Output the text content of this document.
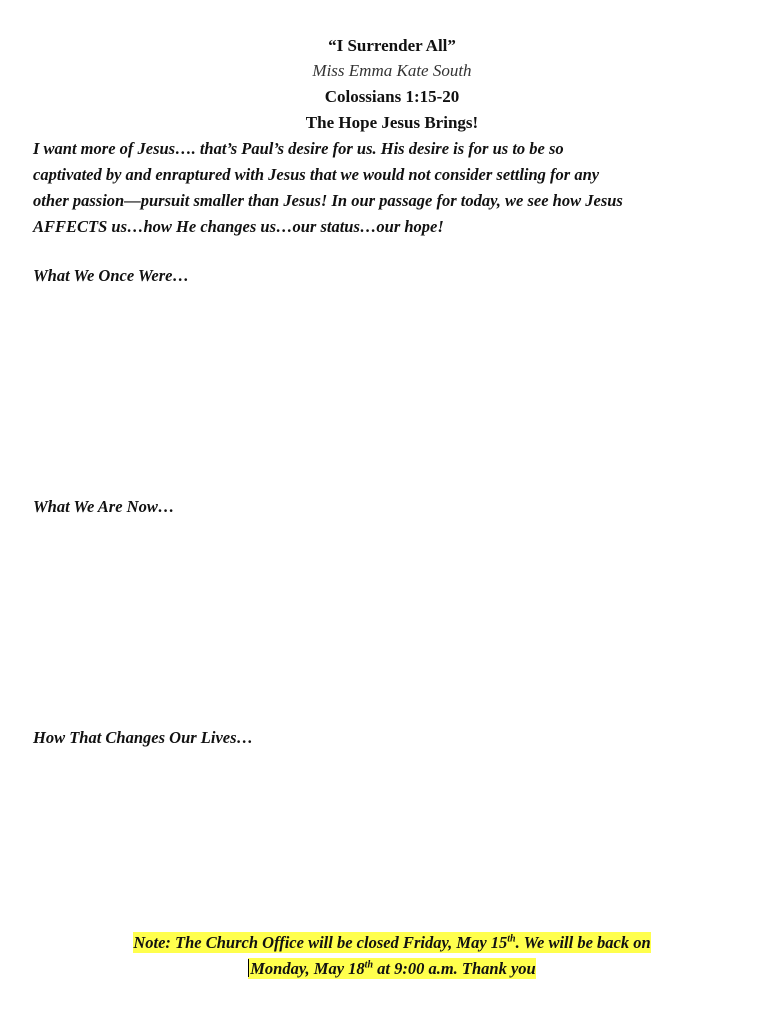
“I Surrender All”
Miss Emma Kate South
Colossians 1:15-20
The Hope Jesus Brings!
I want more of Jesus…. that’s Paul’s desire for us. His desire is for us to be so
captivated by and enraptured with Jesus that we would not consider settling for any
other passion—pursuit smaller than Jesus! In our passage for today, we see how Jesus
AFFECTS us…how He changes us…our status…our hope!
What We Once Were…
What We Are Now…
How That Changes Our Lives…
Note: The Church Office will be closed Friday, May 15th. We will be back on
Monday, May 18th at 9:00 a.m. Thank you
